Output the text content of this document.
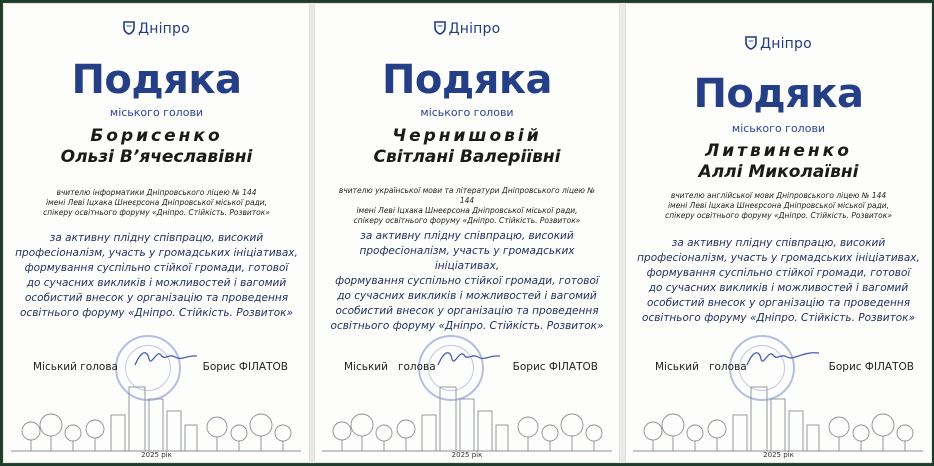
Дніпро
Подяка
міського голови
Борисенко
Ользі В’ячеславівні
вчителю інформатики Дніпровського ліцею № 144
імені Леві Іцхака Шнеєрсона Дніпровської міської ради,
спікеру освітнього форуму «Дніпро. Стійкість. Розвиток»
за активну плідну співпрацю, високий
професіоналізм, участь у громадських ініціативах,
формування суспільно стійкої громади, готової
до сучасних викликів і можливостей і вагомий
особистий внесок у організацію та проведення
освітнього форуму «Дніпро. Стійкість. Розвиток»
Міський голова	Борис ФІЛАТОВ
2025 рік
Дніпро
Подяка
міського голови
Чернишовій
Світлані Валеріївні
вчителю української мови та літератури Дніпровського ліцею № 144
імені Леві Іцхака Шнеєрсона Дніпровської міської ради,
спікеру освітнього форуму «Дніпро. Стійкість. Розвиток»
за активну плідну співпрацю, високий
професіоналізм, участь у громадських ініціативах,
формування суспільно стійкої громади, готової
до сучасних викликів і можливостей і вагомий
особистий внесок у організацію та проведення
освітнього форуму «Дніпро. Стійкість. Розвиток»
Міський   голова	Борис ФІЛАТОВ
2025 рік
Дніпро
Подяка
міського голови
Литвиненко
Аллі Миколаївні
вчителю англійської мови Дніпровського ліцею № 144
імені Леві Іцхака Шнеєрсона Дніпровської міської ради,
спікеру освітнього форуму «Дніпро. Стійкість. Розвиток»
за активну плідну співпрацю, високий
професіоналізм, участь у громадських ініціативах,
формування суспільно стійкої громади, готової
до сучасних викликів і можливостей і вагомий
особистий внесок у організацію та проведення
освітнього форуму «Дніпро. Стійкість. Розвиток»
Міський   голова	Борис ФІЛАТОВ
2025 рік
